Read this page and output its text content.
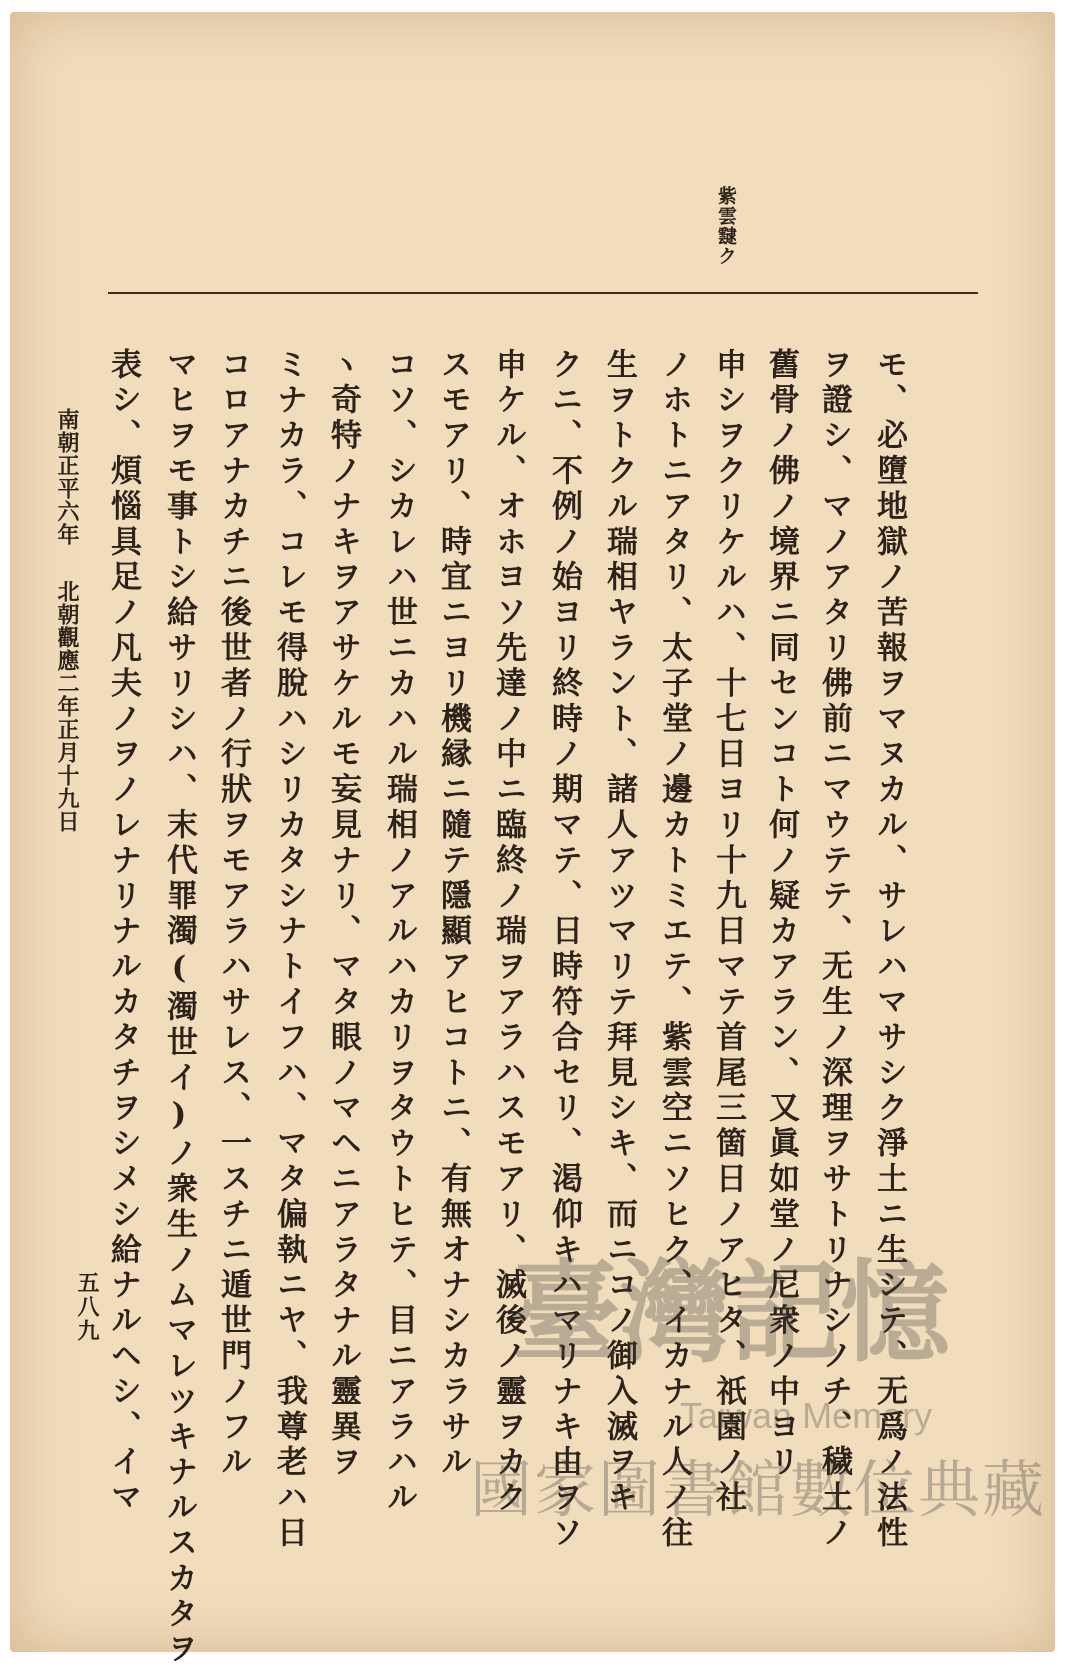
紫雲靆ク
モ、必墮地獄ノ苦報ヲマヌカル、サレハマサシク淨土ニ生シテ、无爲ノ法性
ヲ證シ、マノアタリ佛前ニマウテテ、无生ノ深理ヲサトリナシノチ、穢土ノ
舊骨ノ佛ノ境界ニ同センコト何ノ疑カアラン、又眞如堂ノ尼衆ノ中ヨリ
申シヲクリケルハ、十七日ヨリ十九日マテ首尾三箇日ノアヒタ、祇園ノ社
ノホトニアタリ、太子堂ノ邊カトミエテ、紫雲空ニソヒク、イカナル人ノ往
生ヲトクル瑞相ヤラント、諸人アツマリテ拜見シキ、而ニコノ御入滅ヲキ
クニ、不例ノ始ヨリ終時ノ期マテ、日時符合セリ、渇仰キハマリナキ由ヲソ
申ケル、オホヨソ先達ノ中ニ臨終ノ瑞ヲアラハスモアリ、滅後ノ靈ヲカク
スモアリ、時宜ニヨリ機縁ニ隨テ隱顯アヒコトニ、有無オナシカラサル
コソ、シカレハ世ニカハル瑞相ノアルハカリヲタウトヒテ、目ニアラハル
ヽ奇特ノナキヲアサケルモ妄見ナリ、マタ眼ノマヘニアラタナル靈異ヲ
ミナカラ、コレモ得脫ハシリカタシナトイフハ、マタ偏執ニヤ、我尊老ハ日
コロアナカチニ後世者ノ行狀ヲモアラハサレス、一スチニ遁世門ノフル
マヒヲモ事トシ給サリシハ、末代罪濁(濁世イ)ノ衆生ノムマレツキナルスカタヲ
表シ、煩惱具足ノ凡夫ノヲノレナリナルカタチヲシメシ給ナルヘシ、イマ
南朝正平六年北朝觀應二年正月十九日
五八九	臺灣記憶
Taiwan Memory
國家圖書館數位典藏
